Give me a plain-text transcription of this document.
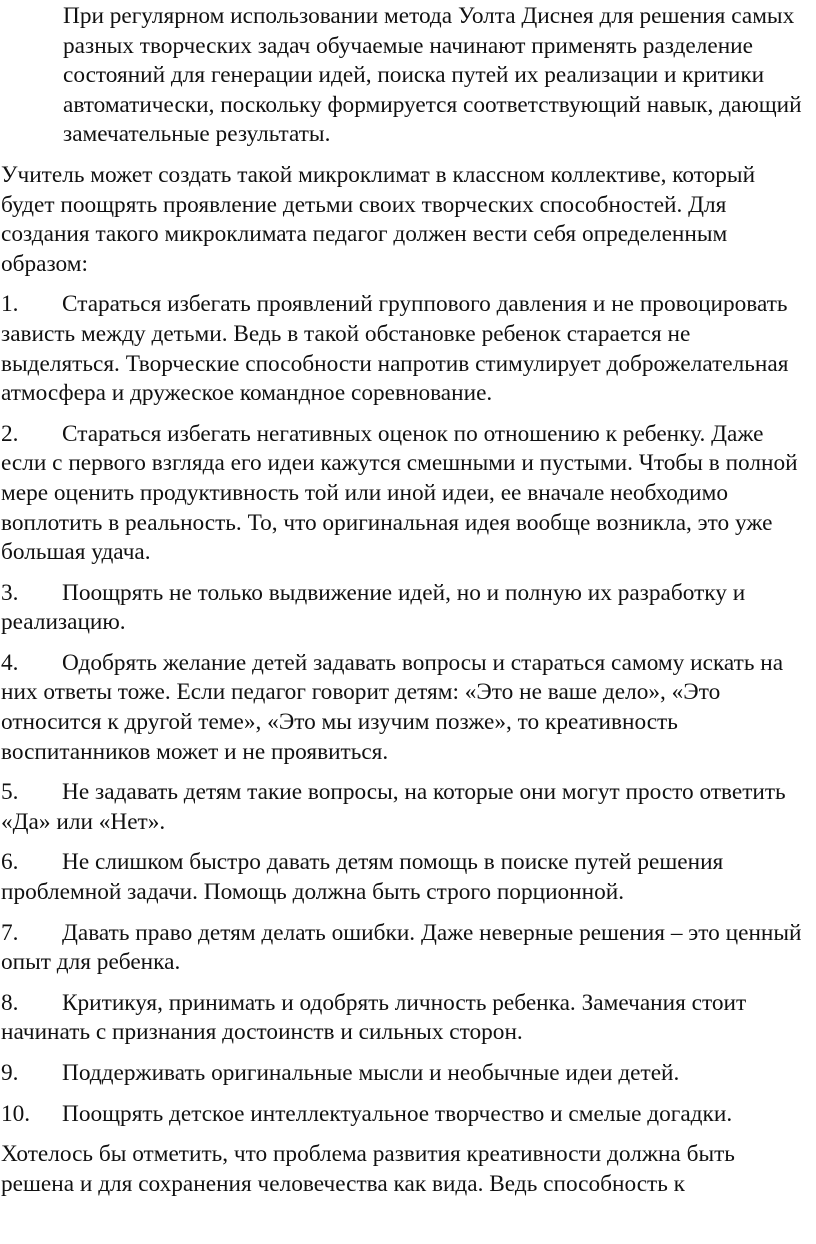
При регулярном использовании метода Уолта Диснея для решения самых разных творческих задач обучаемые начинают применять разделение состояний для генерации идей, поиска путей их реализации и критики автоматически, поскольку формируется соответствующий навык, дающий замечательные результаты.

Учитель может создать такой микроклимат в классном коллективе, который будет поощрять проявление детьми своих творческих способностей. Для создания такого микроклимата педагог должен вести себя определенным образом:

1. Стараться избегать проявлений группового давления и не провоцировать зависть между детьми. Ведь в такой обстановке ребенок старается не выделяться. Творческие способности напротив стимулирует доброжелательная атмосфера и дружеское командное соревнование.

2. Стараться избегать негативных оценок по отношению к ребенку. Даже если с первого взгляда его идеи кажутся смешными и пустыми. Чтобы в полной мере оценить продуктивность той или иной идеи, ее вначале необходимо воплотить в реальность. То, что оригинальная идея вообще возникла, это уже большая удача.

3. Поощрять не только выдвижение идей, но и полную их разработку и реализацию.

4. Одобрять желание детей задавать вопросы и стараться самому искать на них ответы тоже. Если педагог говорит детям: «Это не ваше дело», «Это относится к другой теме», «Это мы изучим позже», то креативность воспитанников может и не проявиться.

5. Не задавать детям такие вопросы, на которые они могут просто ответить «Да» или «Нет».

6. Не слишком быстро давать детям помощь в поиске путей решения проблемной задачи. Помощь должна быть строго порционной.

7. Давать право детям делать ошибки. Даже неверные решения – это ценный опыт для ребенка.

8. Критикуя, принимать и одобрять личность ребенка. Замечания стоит начинать с признания достоинств и сильных сторон.

9. Поддерживать оригинальные мысли и необычные идеи детей.

10. Поощрять детское интеллектуальное творчество и смелые догадки.

Хотелось бы отметить, что проблема развития креативности должна быть решена и для сохранения человечества как вида. Ведь способность к
